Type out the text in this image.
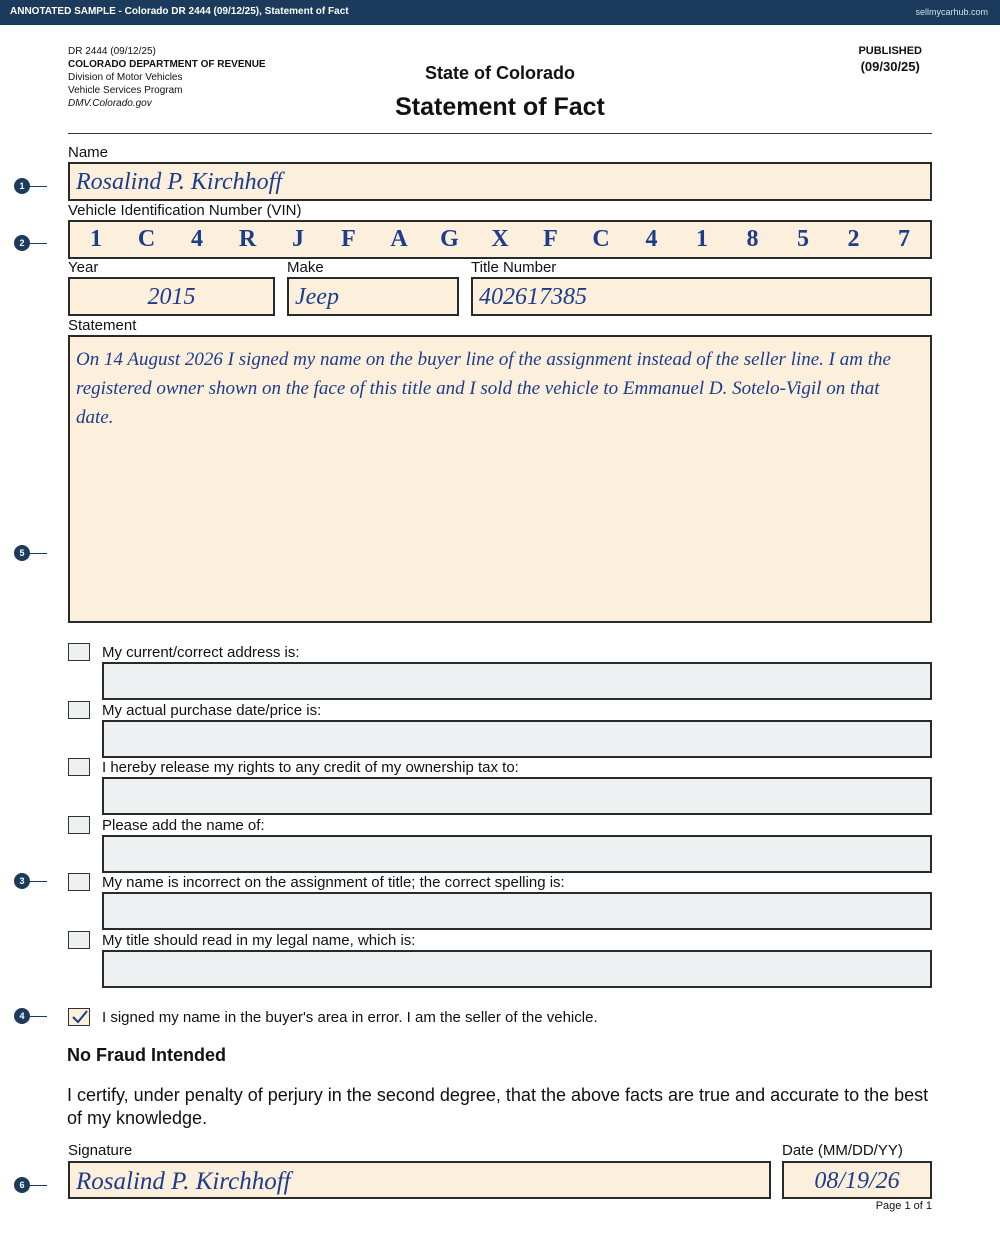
ANNOTATED SAMPLE - Colorado DR 2444 (09/12/25), Statement of Fact	sellmycarhub.com
DR 2444 (09/12/25)
COLORADO DEPARTMENT OF REVENUE
Division of Motor Vehicles
Vehicle Services Program
DMV.Colorado.gov
State of Colorado
Statement of Fact
PUBLISHED
(09/30/25)
Name
Rosalind P. Kirchhoff
Vehicle Identification Number (VIN)
1 C 4 R J F A G X F C 4 1 8 5 2 7
Year
2015
Make
Jeep
Title Number
402617385
Statement
On 14 August 2026 I signed my name on the buyer line of the assignment instead of the seller line. I am the registered owner shown on the face of this title and I sold the vehicle to Emmanuel D. Sotelo-Vigil on that date.
My current/correct address is:
My actual purchase date/price is:
I hereby release my rights to any credit of my ownership tax to:
Please add the name of:
My name is incorrect on the assignment of title; the correct spelling is:
My title should read in my legal name, which is:
I signed my name in the buyer's area in error. I am the seller of the vehicle.
No Fraud Intended
I certify, under penalty of perjury in the second degree, that the above facts are true and accurate to the best of my knowledge.
Signature
Rosalind P. Kirchhoff
Date (MM/DD/YY)
08/19/26
Page 1 of 1
1
2
5
3
4
6
